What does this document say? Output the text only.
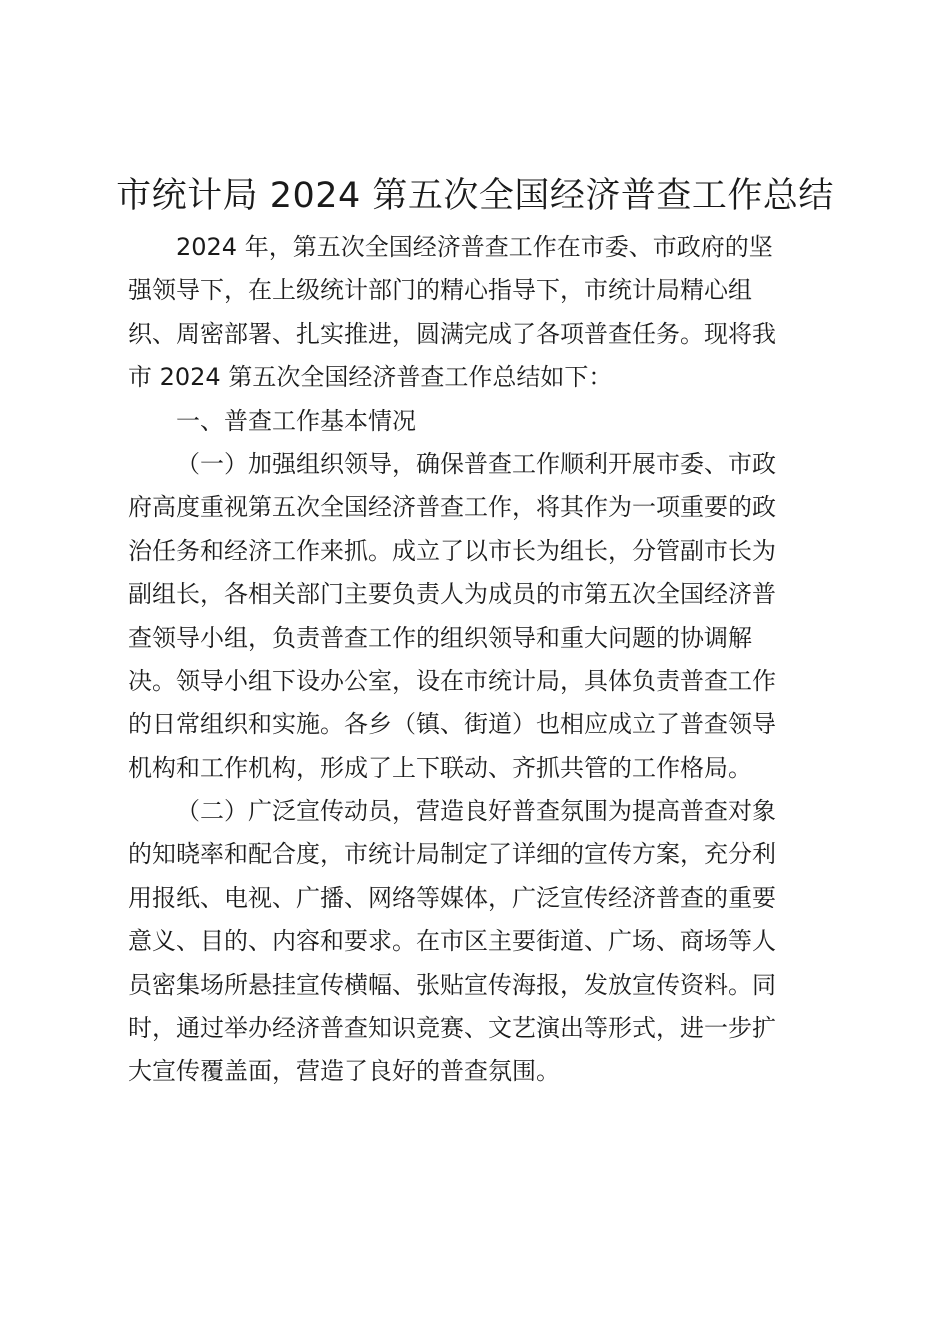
市统计局 2024 第五次全国经济普查工作总结

2024 年，第五次全国经济普查工作在市委、市政府的坚
强领导下，在上级统计部门的精心指导下，市统计局精心组
织、周密部署、扎实推进，圆满完成了各项普查任务。现将我
市 2024 第五次全国经济普查工作总结如下：

一、普查工作基本情况

（一）加强组织领导，确保普查工作顺利开展市委、市政
府高度重视第五次全国经济普查工作，将其作为一项重要的政
治任务和经济工作来抓。成立了以市长为组长，分管副市长为
副组长，各相关部门主要负责人为成员的市第五次全国经济普
查领导小组，负责普查工作的组织领导和重大问题的协调解
决。领导小组下设办公室，设在市统计局，具体负责普查工作
的日常组织和实施。各乡（镇、街道）也相应成立了普查领导
机构和工作机构，形成了上下联动、齐抓共管的工作格局。

（二）广泛宣传动员，营造良好普查氛围为提高普查对象
的知晓率和配合度，市统计局制定了详细的宣传方案，充分利
用报纸、电视、广播、网络等媒体，广泛宣传经济普查的重要
意义、目的、内容和要求。在市区主要街道、广场、商场等人
员密集场所悬挂宣传横幅、张贴宣传海报，发放宣传资料。同
时，通过举办经济普查知识竞赛、文艺演出等形式，进一步扩
大宣传覆盖面，营造了良好的普查氛围。
